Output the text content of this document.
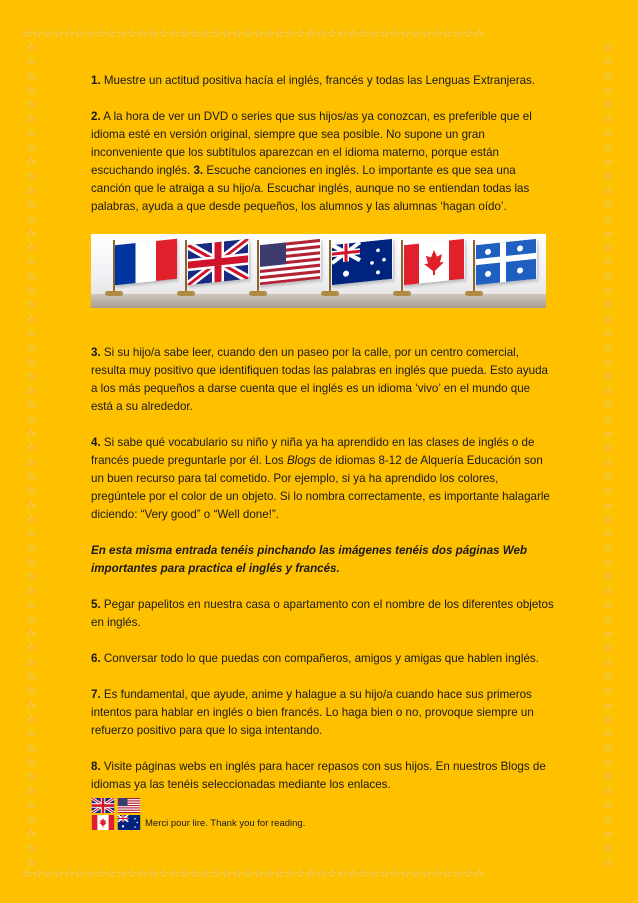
☆☆☆☆☆☆☆☆☆☆☆☆☆☆☆☆☆☆☆☆☆☆☆☆☆☆☆☆☆☆☆☆☆☆☆☆☆☆☆☆☆☆☆☆
☆
☆
☆
☆
☆
☆
☆
☆
☆
☆
☆
☆
☆
☆
☆
☆
☆
☆
☆
☆
☆
☆
☆
☆
☆
☆
☆
☆
☆
☆
☆
☆
☆
☆
☆
☆
☆
☆
☆
☆
☆
☆
☆
☆
☆
☆
☆
☆
☆
☆
☆
☆
☆
☆
☆
☆
☆
☆
☆
☆
☆
☆
☆
☆
☆
☆
☆
☆
☆
☆
☆
☆
☆
☆
☆
☆
☆
☆
☆
☆
☆
☆
☆
☆
☆
☆
☆
☆
☆
☆
☆
☆
☆
☆
☆
☆
☆
☆
☆
☆
☆
☆
☆
☆
☆
☆
☆
☆
☆
☆
☆
☆
☆
☆
☆
☆
☆☆☆☆☆☆☆☆☆☆☆☆☆☆☆☆☆☆☆☆☆☆☆☆☆☆☆☆☆☆☆☆☆☆☆☆☆☆☆☆☆☆☆☆

1. Muestre un actitud positiva hacía el inglés, francés y todas las Lenguas Extranjeras.

2. A la hora de ver un DVD o series que sus hijos/as ya conozcan, es preferible que el idioma esté en versión original, siempre que sea posible. No supone un gran inconveniente que los subtítulos aparezcan en el idioma materno, porque están escuchando inglés. 3. Escuche canciones en inglés. Lo importante es que sea una canción que le atraiga a su hijo/a. Escuchar inglés, aunque no se entiendan todas las palabras, ayuda a que desde pequeños, los alumnos y las alumnas ‘hagan oído’.

3. Si su hijo/a sabe leer, cuando den un paseo por la calle, por un centro comercial, resulta muy positivo que identifiquen todas las palabras en inglés que pueda. Esto ayuda a los más pequeños a darse cuenta que el inglés es un idioma ‘vivo’ en el mundo que está a su alrededor.

4. Si sabe qué vocabulario su niño y niña ya ha aprendido en las clases de inglés o de francés puede preguntarle por él. Los Blogs de idiomas 8-12 de Alquería Educación son un buen recurso para tal cometido. Por ejemplo, si ya ha aprendido los colores, pregúntele por el color de un objeto. Si lo nombra correctamente, es importante halagarle diciendo: “Very good” o “Well done!”.

En esta misma entrada tenéis pinchando las imágenes tenéis dos páginas Web importantes para practica el inglés y francés.

5. Pegar papelitos en nuestra casa o apartamento con el nombre de los diferentes objetos en inglés.

6. Conversar todo lo que puedas con compañeros, amigos y amigas que hablen inglés.

7. Es fundamental, que ayude, anime y halague a su hijo/a cuando hace sus primeros intentos para hablar en inglés o bien francés. Lo haga bien o no, provoque siempre un refuerzo positivo para que lo siga intentando.

8. Visite páginas webs en inglés para hacer repasos con sus hijos. En nuestros Blogs de idiomas ya las tenéis seleccionadas mediante los enlaces.

Merci pour lire. Thank you for reading.
